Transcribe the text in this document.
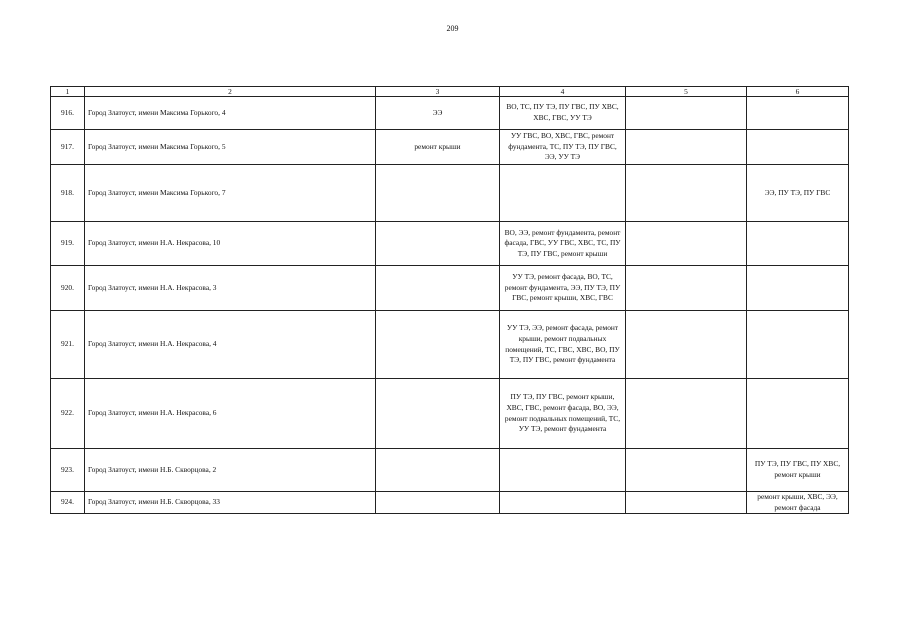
209
1	2	3	4	5	6
916.	Город Златоуст, имени Максима Горького, 4	ЭЭ	ВО, ТС, ПУ ТЭ, ПУ ГВС, ПУ ХВС, ХВС, ГВС, УУ ТЭ		
917.	Город Златоуст, имени Максима Горького, 5	ремонт крыши	УУ ГВС, ВО, ХВС, ГВС, ремонт фундамента, ТС, ПУ ТЭ, ПУ ГВС, ЭЭ, УУ ТЭ		
918.	Город Златоуст, имени Максима Горького, 7				ЭЭ, ПУ ТЭ, ПУ ГВС
919.	Город Златоуст, имени Н.А. Некрасова, 10		ВО, ЭЭ, ремонт фундамента, ремонт фасада, ГВС, УУ ГВС, ХВС, ТС, ПУ ТЭ, ПУ ГВС, ремонт крыши		
920.	Город Златоуст, имени Н.А. Некрасова, 3		УУ ТЭ, ремонт фасада, ВО, ТС, ремонт фундамента, ЭЭ, ПУ ТЭ, ПУ ГВС, ремонт крыши, ХВС, ГВС		
921.	Город Златоуст, имени Н.А. Некрасова, 4		УУ ТЭ, ЭЭ, ремонт фасада, ремонт крыши, ремонт подвальных помещений, ТС, ГВС, ХВС, ВО, ПУ ТЭ, ПУ ГВС, ремонт фундамента		
922.	Город Златоуст, имени Н.А. Некрасова, 6		ПУ ТЭ, ПУ ГВС, ремонт крыши, ХВС, ГВС, ремонт фасада, ВО, ЭЭ, ремонт подвальных помещений, ТС, УУ ТЭ, ремонт фундамента		
923.	Город Златоуст, имени Н.Б. Скворцова, 2				ПУ ТЭ, ПУ ГВС, ПУ ХВС, ремонт крыши
924.	Город Златоуст, имени Н.Б. Скворцова, 33				ремонт крыши, ХВС, ЭЭ, ремонт фасада
